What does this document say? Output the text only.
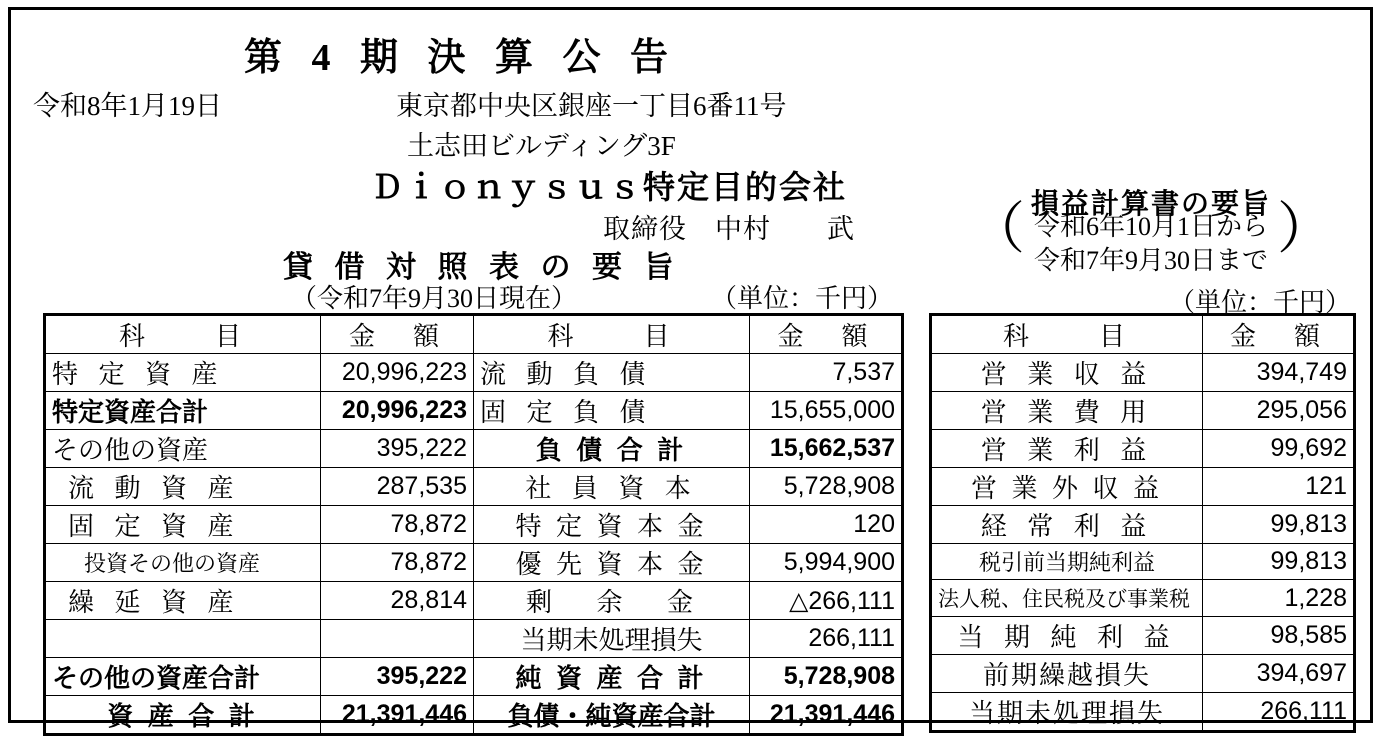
第 4 期 決 算 公 告
令和8年1月19日	東京都中央区銀座一丁目6番11号
土志田ビルディング3F
Ｄｉｏｎｙｓｕｓ特定目的会社
取締役　中村　　武
貸 借 対 照 表 の 要 旨
（令和7年9月30日現在）	（単位：千円）
損益計算書の要旨
（ 令和6年10月1日から
令和7年9月30日まで ）
（単位：千円）
科　　目	金　額	科　　目	金　額
特 定 資 産	20,996,223	流 動 負 債	7,537
特定資産合計	20,996,223	固 定 負 債	15,655,000
その他の資産	395,222	負 債 合 計	15,662,537
流 動 資 産	287,535	社 員 資 本	5,728,908
固 定 資 産	78,872	特 定 資 本 金	120
投資その他の資産	78,872	優 先 資 本 金	5,994,900
繰 延 資 産	28,814	剰 　余 　金	△266,111
		当期未処理損失	266,111
その他の資産合計	395,222	純 資 産 合 計	5,728,908
資 産 合 計	21,391,446	負債・純資産合計	21,391,446
科　　目	金　額
営 業 収 益	394,749
営 業 費 用	295,056
営 業 利 益	99,692
営 業 外 収 益	121
経 常 利 益	99,813
税引前当期純利益	99,813
法人税、住民税及び事業税	1,228
当 期 純 利 益	98,585
前期繰越損失	394,697
当期未処理損失	266,111
